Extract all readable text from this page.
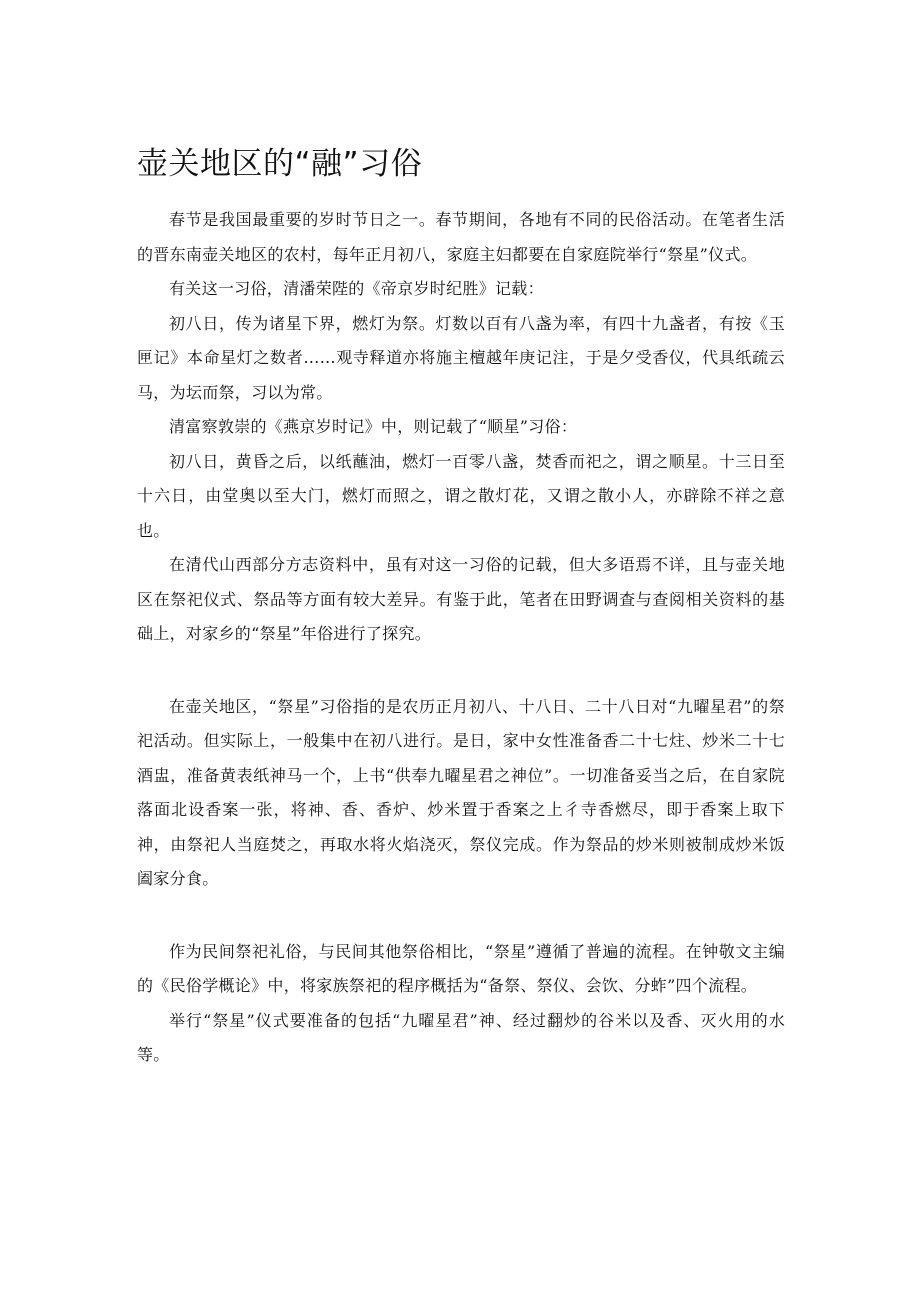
壶关地区的“融”习俗

春节是我国最重要的岁时节日之一。春节期间，各地有不同的民俗活动。在笔者生活的晋东南壶关地区的农村，每年正月初八，家庭主妇都要在自家庭院举行“祭星”仪式。

有关这一习俗，清潘荣陛的《帝京岁时纪胜》记载：

初八日，传为诸星下界，燃灯为祭。灯数以百有八盏为率，有四十九盏者，有按《玉匣记》本命星灯之数者……观寺释道亦将施主檀越年庚记注，于是夕受香仪，代具纸疏云马，为坛而祭，习以为常。

清富察敦崇的《燕京岁时记》中，则记载了“顺星”习俗：

初八日，黄昏之后，以纸蘸油，燃灯一百零八盏，焚香而祀之，谓之顺星。十三日至十六日，由堂奥以至大门，燃灯而照之，谓之散灯花，又谓之散小人，亦辟除不祥之意也。

在清代山西部分方志资料中，虽有对这一习俗的记载，但大多语焉不详，且与壶关地区在祭祀仪式、祭品等方面有较大差异。有鉴于此，笔者在田野调查与查阅相关资料的基础上，对家乡的“祭星”年俗进行了探究。

在壶关地区，“祭星”习俗指的是农历正月初八、十八日、二十八日对“九曜星君”的祭祀活动。但实际上，一般集中在初八进行。是日，家中女性准备香二十七炷、炒米二十七酒盅，准备黄表纸神马一个，上书“供奉九曜星君之神位”。一切准备妥当之后，在自家院落面北设香案一张，将神、香、香炉、炒米置于香案之上彳寺香燃尽，即于香案上取下神，由祭祀人当庭焚之，再取水将火焰浇灭，祭仪完成。作为祭品的炒米则被制成炒米饭阖家分食。

作为民间祭祀礼俗，与民间其他祭俗相比，“祭星”遵循了普遍的流程。在钟敬文主编的《民俗学概论》中，将家族祭祀的程序概括为“备祭、祭仪、会饮、分蚱”四个流程。

举行“祭星”仪式要准备的包括“九曜星君”神、经过翻炒的谷米以及香、灭火用的水等。
